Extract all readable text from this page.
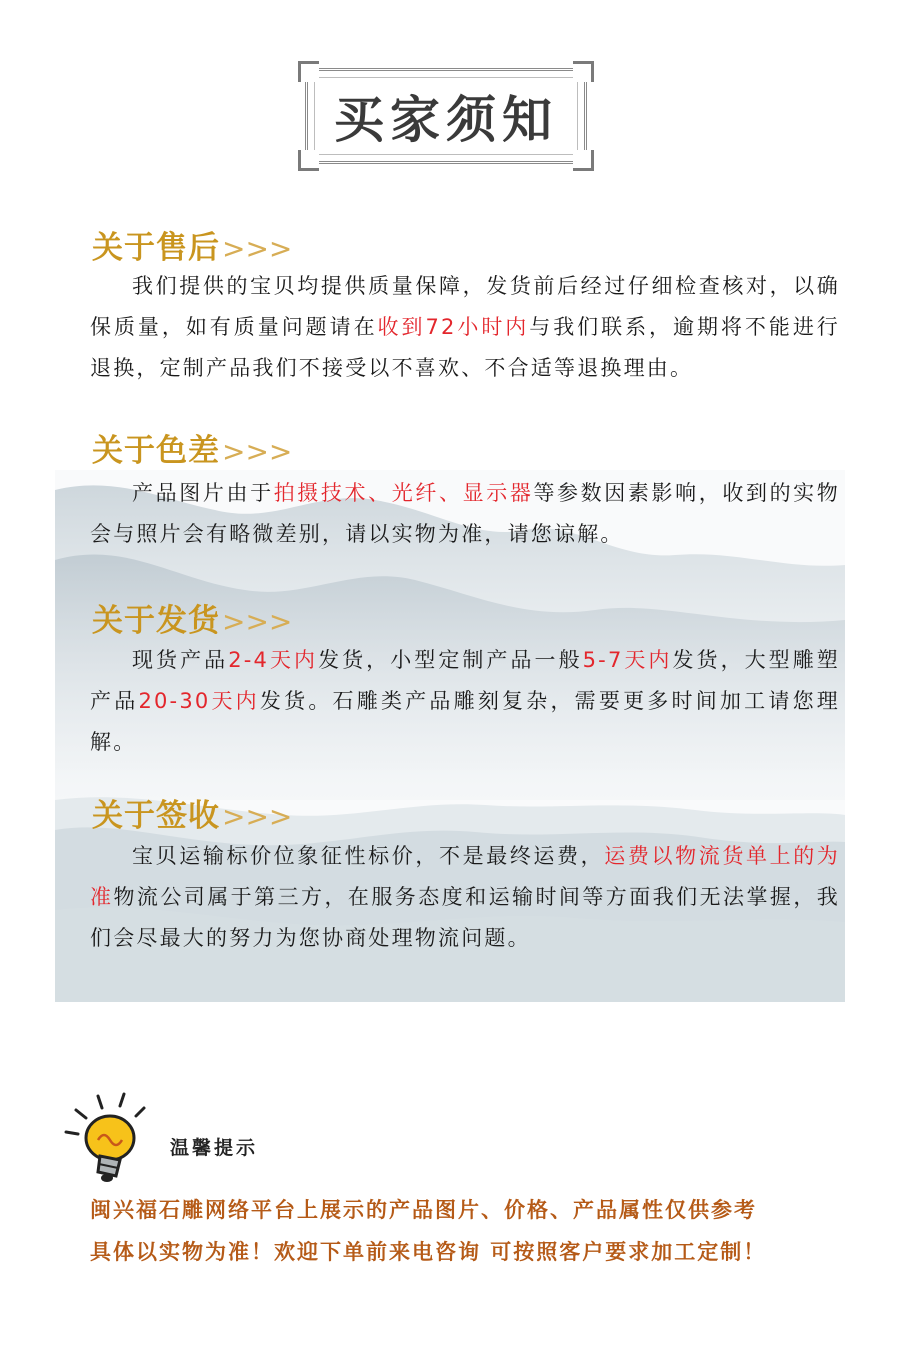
买家须知
关于售后 >>>

我们提供的宝贝均提供质量保障，发货前后经过仔细检查核对，以确保质量，如有质量问题请在收到72小时内与我们联系，逾期将不能进行退换，定制产品我们不接受以不喜欢、不合适等退换理由。

关于色差 >>>

产品图片由于拍摄技术、光纤、显示器等参数因素影响，收到的实物会与照片会有略微差别，请以实物为准，请您谅解。

关于发货 >>>

现货产品2-4天内发货，小型定制产品一般5-7天内发货，大型雕塑产品20-30天内发货。石雕类产品雕刻复杂，需要更多时间加工请您理解。

关于签收 >>>

宝贝运输标价位象征性标价，不是最终运费，运费以物流货单上的为准物流公司属于第三方，在服务态度和运输时间等方面我们无法掌握，我们会尽最大的努力为您协商处理物流问题。

温馨提示
闽兴福石雕网络平台上展示的产品图片、价格、产品属性仅供参考
具体以实物为准！欢迎下单前来电咨询 可按照客户要求加工定制！
